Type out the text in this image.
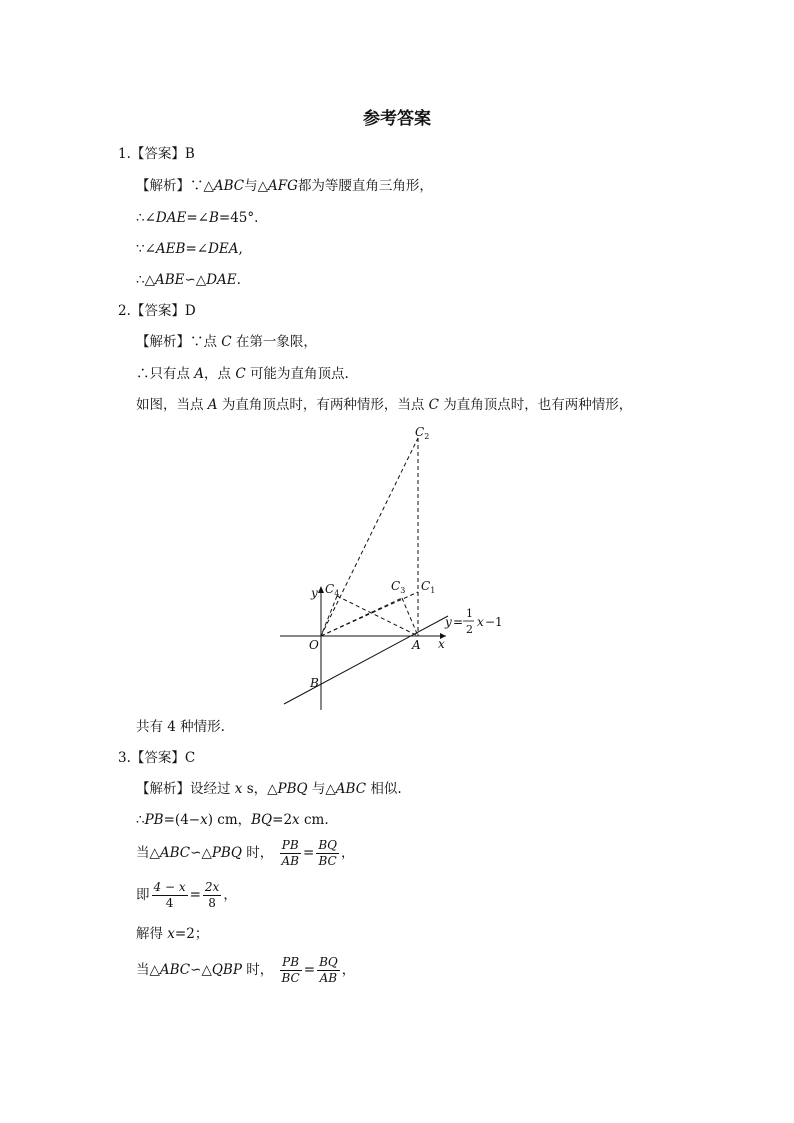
参考答案
1.【答案】B
【解析】∵△ABC与△AFG都为等腰直角三角形，
∴∠DAE=∠B=45°.
∵∠AEB=∠DEA,
∴△ABE∽△DAE.
2.【答案】D
【解析】∵点 C 在第一象限，
∴只有点 A，点 C 可能为直角顶点.
如图，当点 A 为直角顶点时，有两种情形，当点 C 为直角顶点时，也有两种情形，
$C_2$
$C_4$
$C_3$ $C_1$
y
x
O	A
B
y =
1
2
x −1
共有 4 种情形.
3.【答案】C
【解析】设经过 x s，△PBQ 与△ABC 相似.
∴PB=(4−x) cm，BQ=2x cm.
当△ABC∽△PBQ 时， $\frac{PB}{AB} = \frac{BQ}{BC}$ ，
即 $\frac{4 - x}{4} = \frac{2x}{8}$ ，
解得 x=2；
当△ABC∽△QBP 时， $\frac{PB}{BC} = \frac{BQ}{AB}$ ，
